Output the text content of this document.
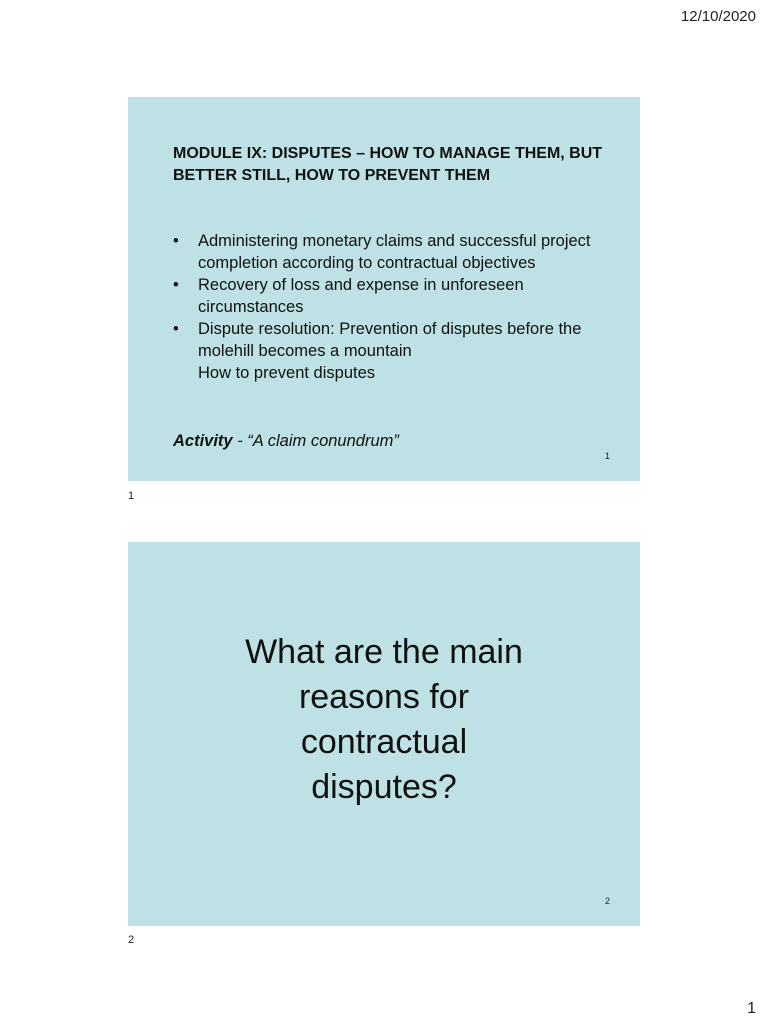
12/10/2020
MODULE IX: DISPUTES – HOW TO MANAGE THEM, BUT BETTER STILL, HOW TO PREVENT THEM
• Administering monetary claims and successful project completion according to contractual objectives
• Recovery of loss and expense in unforeseen circumstances
• Dispute resolution: Prevention of disputes before the molehill becomes a mountain
How to prevent disputes
Activity - “A claim conundrum”
1
1
What are the main
reasons for
contractual
disputes?
2
2
1
